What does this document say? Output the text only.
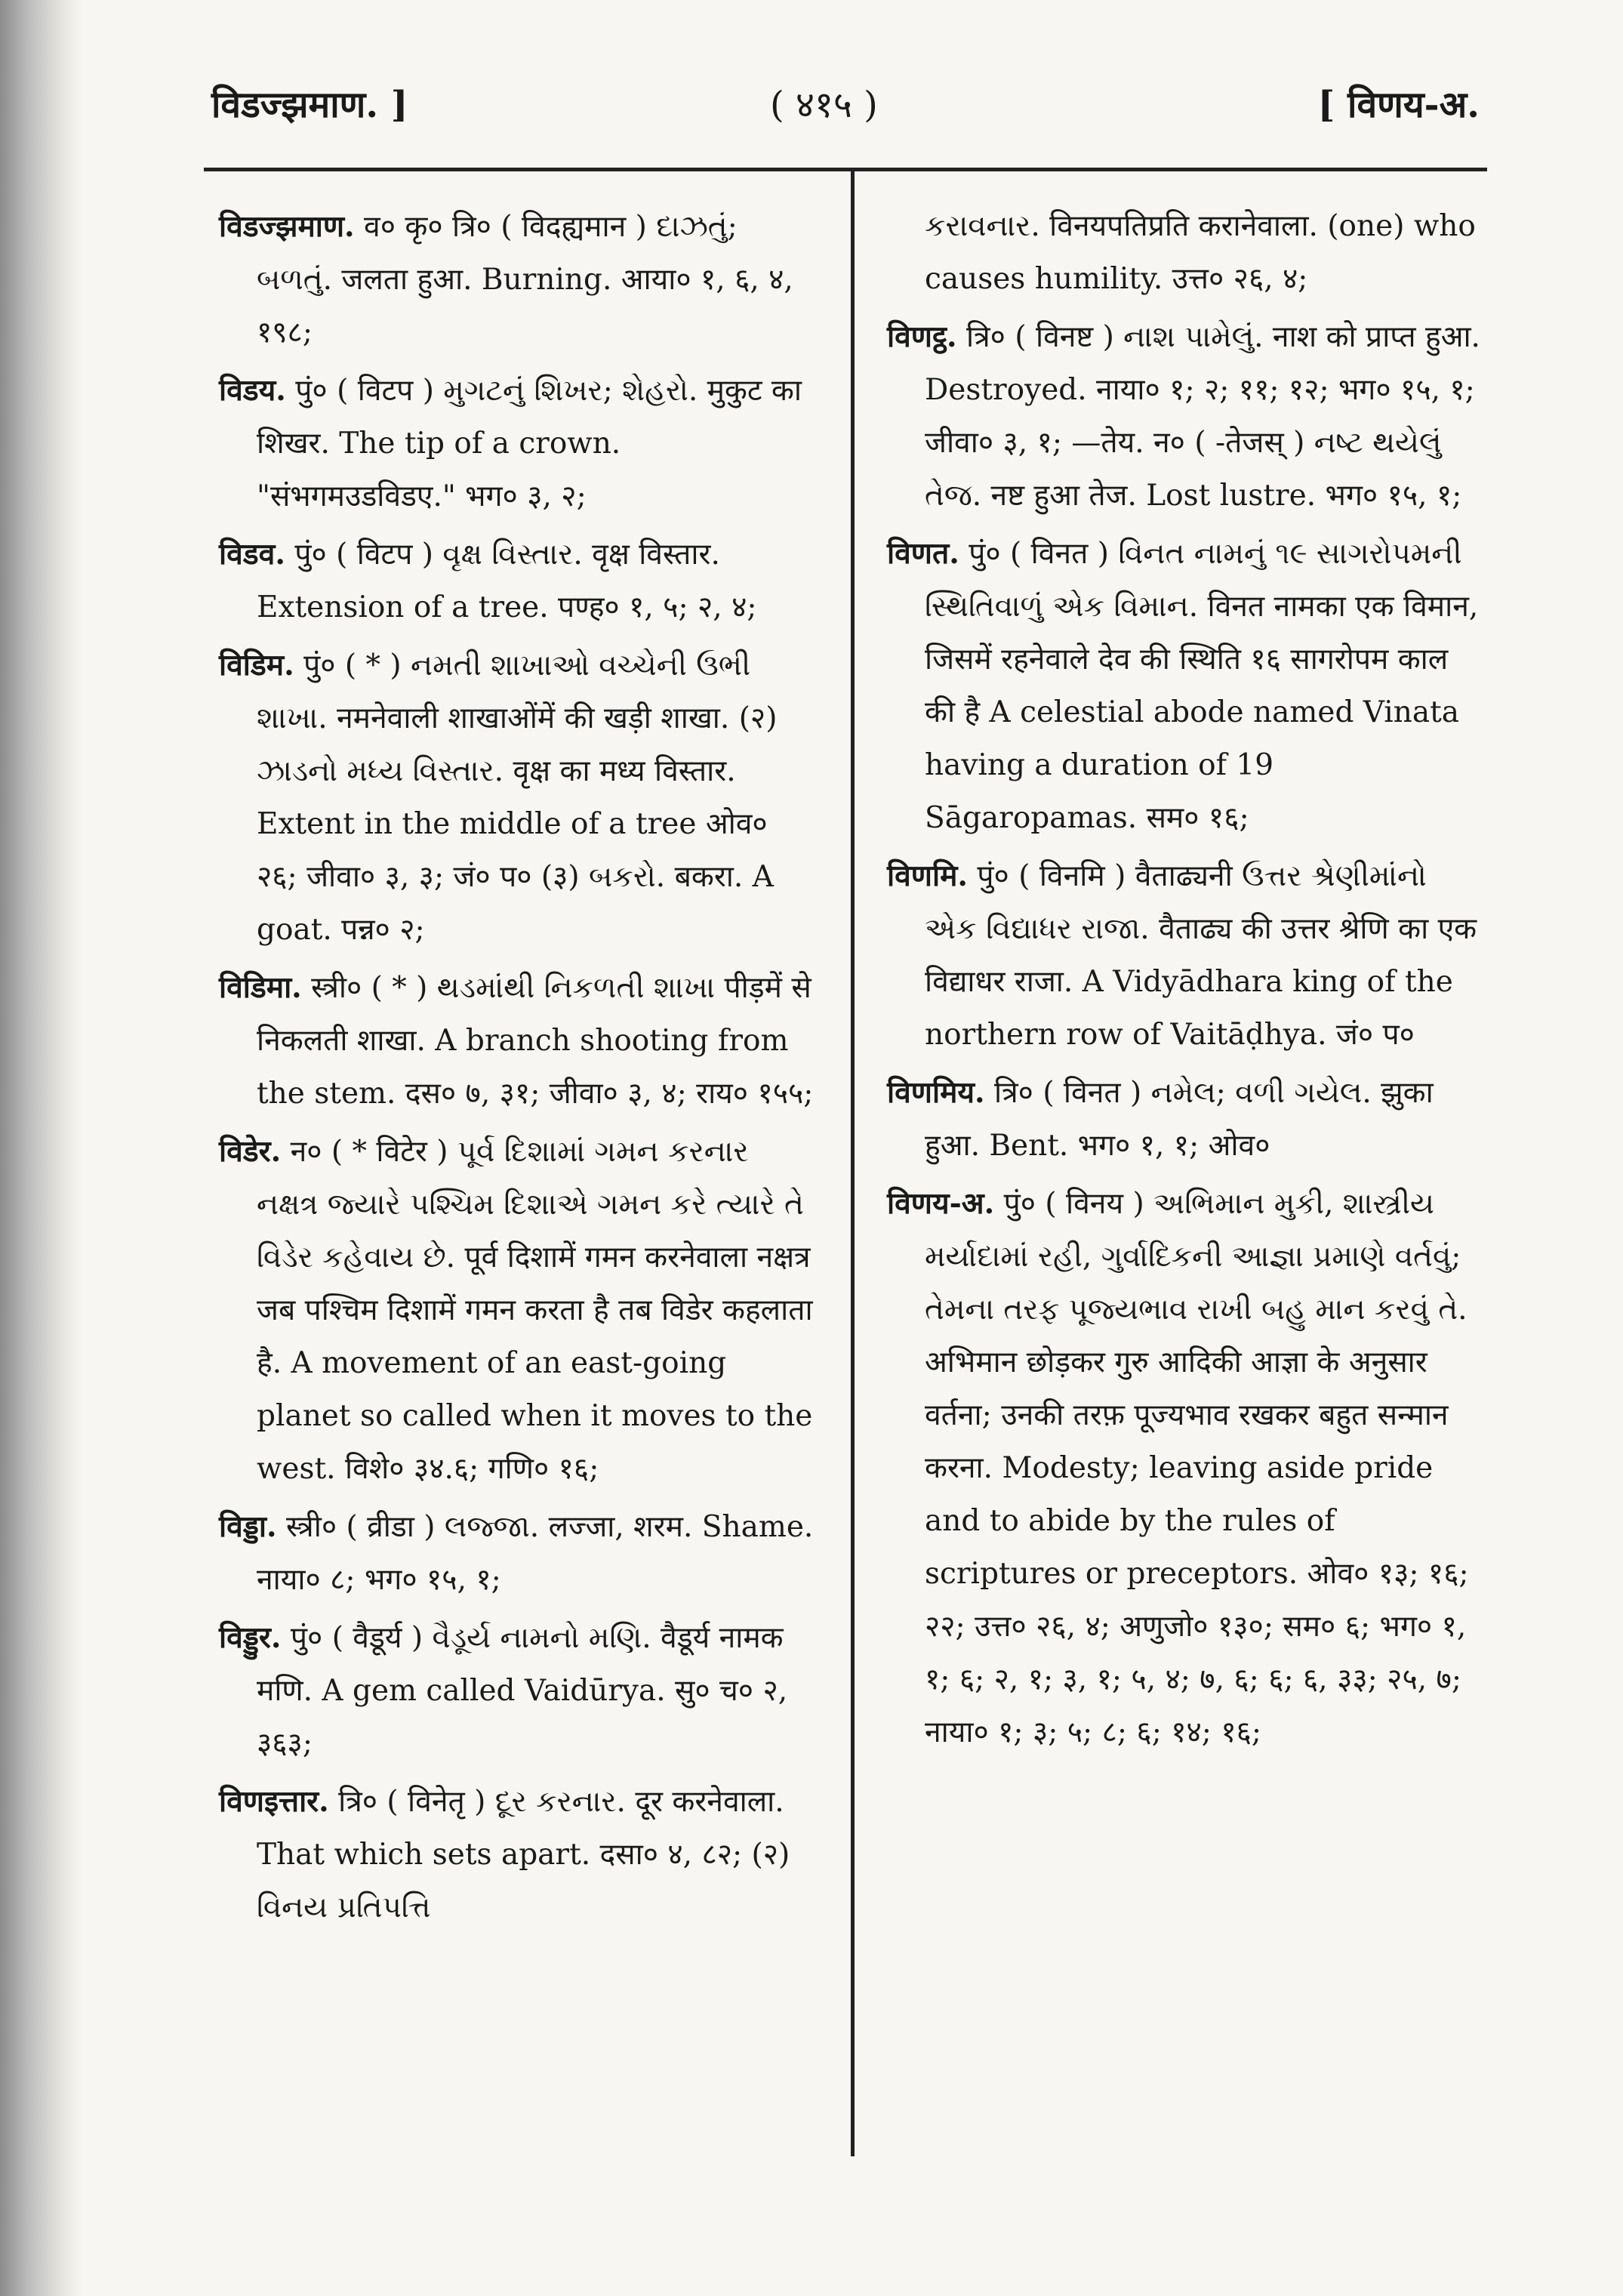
विडज्झमाण. ]	( ४१५ )	[ विणय-अ.
विडज्झमाण. व० कृ० त्रि० ( विदह्यमान ) દાઝતું; બળતું. जलता हुआ. Burning. आया० १, ६, ४, १९८;
विडय. पुं० ( विटप ) મુગટનું શિખર; શેહરો. मुकुट का शिखर. The tip of a crown. "संभगमउडविडए." भग० ३, २;
विडव. पुं० ( विटप ) વૃક્ષ વિસ્તાર. वृक्ष विस्तार. Extension of a tree. पण्ह० १, ५; २, ४;
विडिम. पुं० ( * ) નમતી શાખાઓ વચ્ચેની ઉભી શાખા. नमनेवाली शाखाओंमें की खड़ी शाखा. (२) ઝાડનો મધ્ય વિસ્તાર. वृक्ष का मध्य विस्तार. Extent in the middle of a tree ओव० २६; जीवा० ३, ३; जं० प० (३) બકરો. बकरा. A goat. पन्न० २;
विडिमा. स्त्री० ( * ) થડમાંથી નિકળતી શાખા पीड़में से निकलती शाखा. A branch shooting from the stem. दस० ७, ३१; जीवा० ३, ४; राय० १५५;
विडेर. न० ( * विटेर ) પૂર્વ દિશામાં ગમન કરનાર નક્ષત્ર જ્યારે પશ્ચિમ દિશાએ ગમન કરે ત્યારે તે વિડેર કહેવાય છે. पूर्व दिशामें गमन करनेवाला नक्षत्र जब पश्चिम दिशामें गमन करता है तब विडेर कहलाता है. A movement of an east-going planet so called when it moves to the west. विशे० ३४.६; गणि० १६;
विड्डा. स्त्री० ( व्रीडा ) લજ્જા. लज्जा, शरम. Shame. नाया० ८; भग० १५, १;
विड्डुर. पुं० ( वैडूर्य ) વૈડૂર્ય નામનો મણિ. वैडूर्य नामक मणि. A gem called Vaidūrya. सु० च० २, ३६३;
विणइत्तार. त्रि० ( विनेतृ ) દૂર કરનાર. दूर करनेवाला. That which sets apart. दसा० ४, ८२; (२) વિનય પ્રતિપત્તિ
કરાવનાર. विनयपतिप्रति करानेवाला. (one) who causes humility. उत्त० २६, ४;
विणट्ठ. त्रि० ( विनष्ट ) નાશ પામેલું. नाश को प्राप्त हुआ. Destroyed. नाया० १; २; ११; १२; भग० १५, १; जीवा० ३, १; —तेय. न० ( -तेजस् ) નષ્ટ થયેલું તેજ. नष्ट हुआ तेज. Lost lustre. भग० १५, १;
विणत. पुं० ( विनत ) વિનત નામનું ૧૯ સાગરોપમની સ્થિતિવાળું એક વિમાન. विनत नामका एक विमान, जिसमें रहनेवाले देव की स्थिति १६ सागरोपम काल की है A celestial abode named Vinata having a duration of 19 Sāgaropamas. सम० १६;
विणमि. पुं० ( विनमि ) वैताढ्यनी ઉત્તર શ્રેણીમાંનો એક વિદ્યાધર રાજા. वैताढ्य की उत्तर श्रेणि का एक विद्याधर राजा. A Vidyādhara king of the northern row of Vaitāḍhya. जं० प०
विणमिय. त्रि० ( विनत ) નમેલ; વળી ગયેલ. झुका हुआ. Bent. भग० १, १; ओव०
विणय-अ. पुं० ( विनय ) અભિમાન મુકી, શાસ્ત્રીય મર્યાદામાં રહી, ગુર્વાદિકની આજ્ઞા પ્રમાણે વર્તવું; તેમના તરફ પૂજ્યભાવ રાખી બહુ માન કરવું તે. अभिमान छोड़कर गुरु आदिकी आज्ञा के अनुसार वर्तना; उनकी तरफ़ पूज्यभाव रखकर बहुत सन्मान करना. Modesty; leaving aside pride and to abide by the rules of scriptures or preceptors. ओव० १३; १६; २२; उत्त० २६, ४; अणुजो० १३०; सम० ६; भग० १, १; ६; २, १; ३, १; ५, ४; ७, ६; ६; ६, ३३; २५, ७; नाया० १; ३; ५; ८; ६; १४; १६;
